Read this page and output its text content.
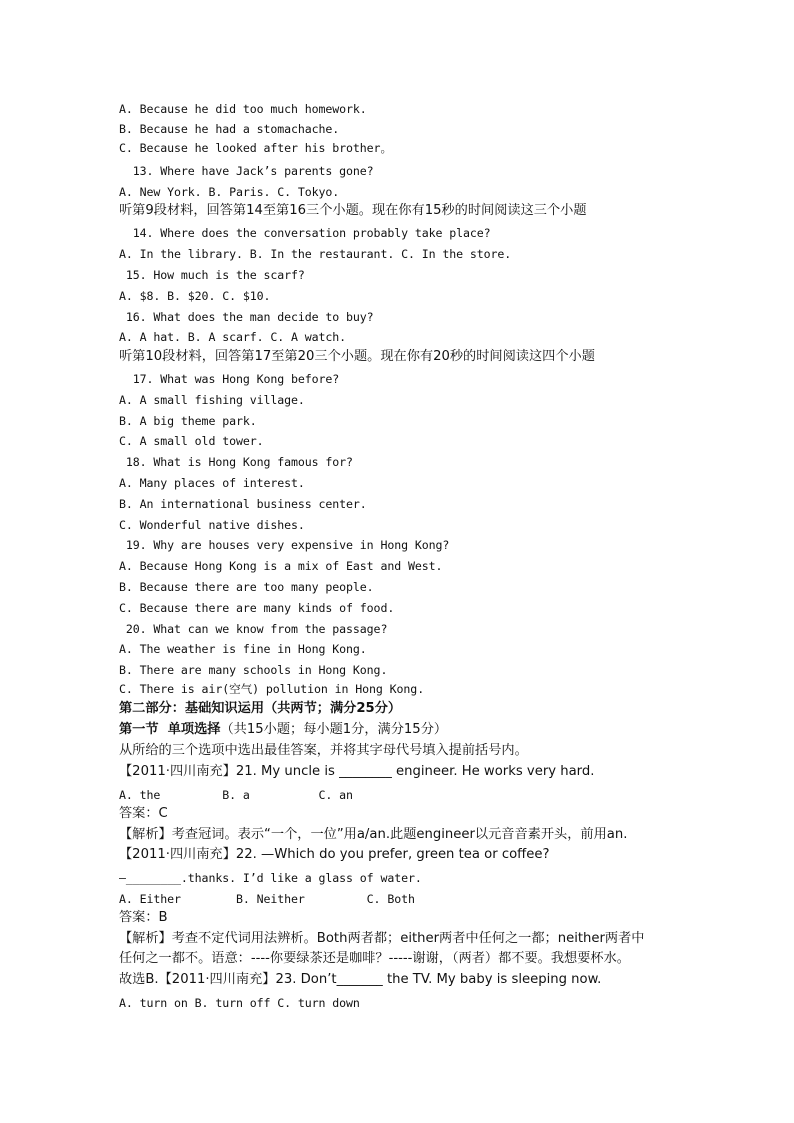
A. Because he did too much homework.
B. Because he had a stomachache.
C. Because he looked after his brother。
13. Where have Jack’s parents gone?
A. New York. B. Paris. C. Tokyo.
听第9段材料，回答第14至第16三个小题。现在你有15秒的时间阅读这三个小题
14. Where does the conversation probably take place?
A. In the library. B. In the restaurant. C. In the store.
15. How much is the scarf?
A. $8. B. $20. C. $10.
16. What does the man decide to buy?
A. A hat. B. A scarf. C. A watch.
听第10段材料，回答第17至第20三个小题。现在你有20秒的时间阅读这四个小题
17. What was Hong Kong before?
A. A small fishing village.
B. A big theme park.
C. A small old tower.
18. What is Hong Kong famous for?
A. Many places of interest.
B. An international business center.
C. Wonderful native dishes.
19. Why are houses very expensive in Hong Kong?
A. Because Hong Kong is a mix of East and West.
B. Because there are too many people.
C. Because there are many kinds of food.
20. What can we know from the passage?
A. The weather is fine in Hong Kong.
B. There are many schools in Hong Kong.
C. There is air(空气) pollution in Hong Kong.
第二部分：基础知识运用（共两节；满分25分）
第一节  单项选择（共15小题；每小题1分，满分15分）
从所给的三个选项中选出最佳答案，并将其字母代号填入提前括号内。
【2011·四川南充】21. My uncle is ________ engineer. He works very hard.
A. the         B. a          C. an
答案：C
【解析】考查冠词。表示“一个，一位”用a/an.此题engineer以元音音素开头，前用an.
【2011·四川南充】22. —Which do you prefer, green tea or coffee?
—________.thanks. I’d like a glass of water.
A. Either        B. Neither         C. Both
答案：B
【解析】考查不定代词用法辨析。Both两者都；either两者中任何之一都；neither两者中
任何之一都不。语意：----你要绿茶还是咖啡？-----谢谢，（两者）都不要。我想要杯水。
故选B.【2011·四川南充】23. Don’t_______ the TV. My baby is sleeping now.
A. turn on B. turn off C. turn down
